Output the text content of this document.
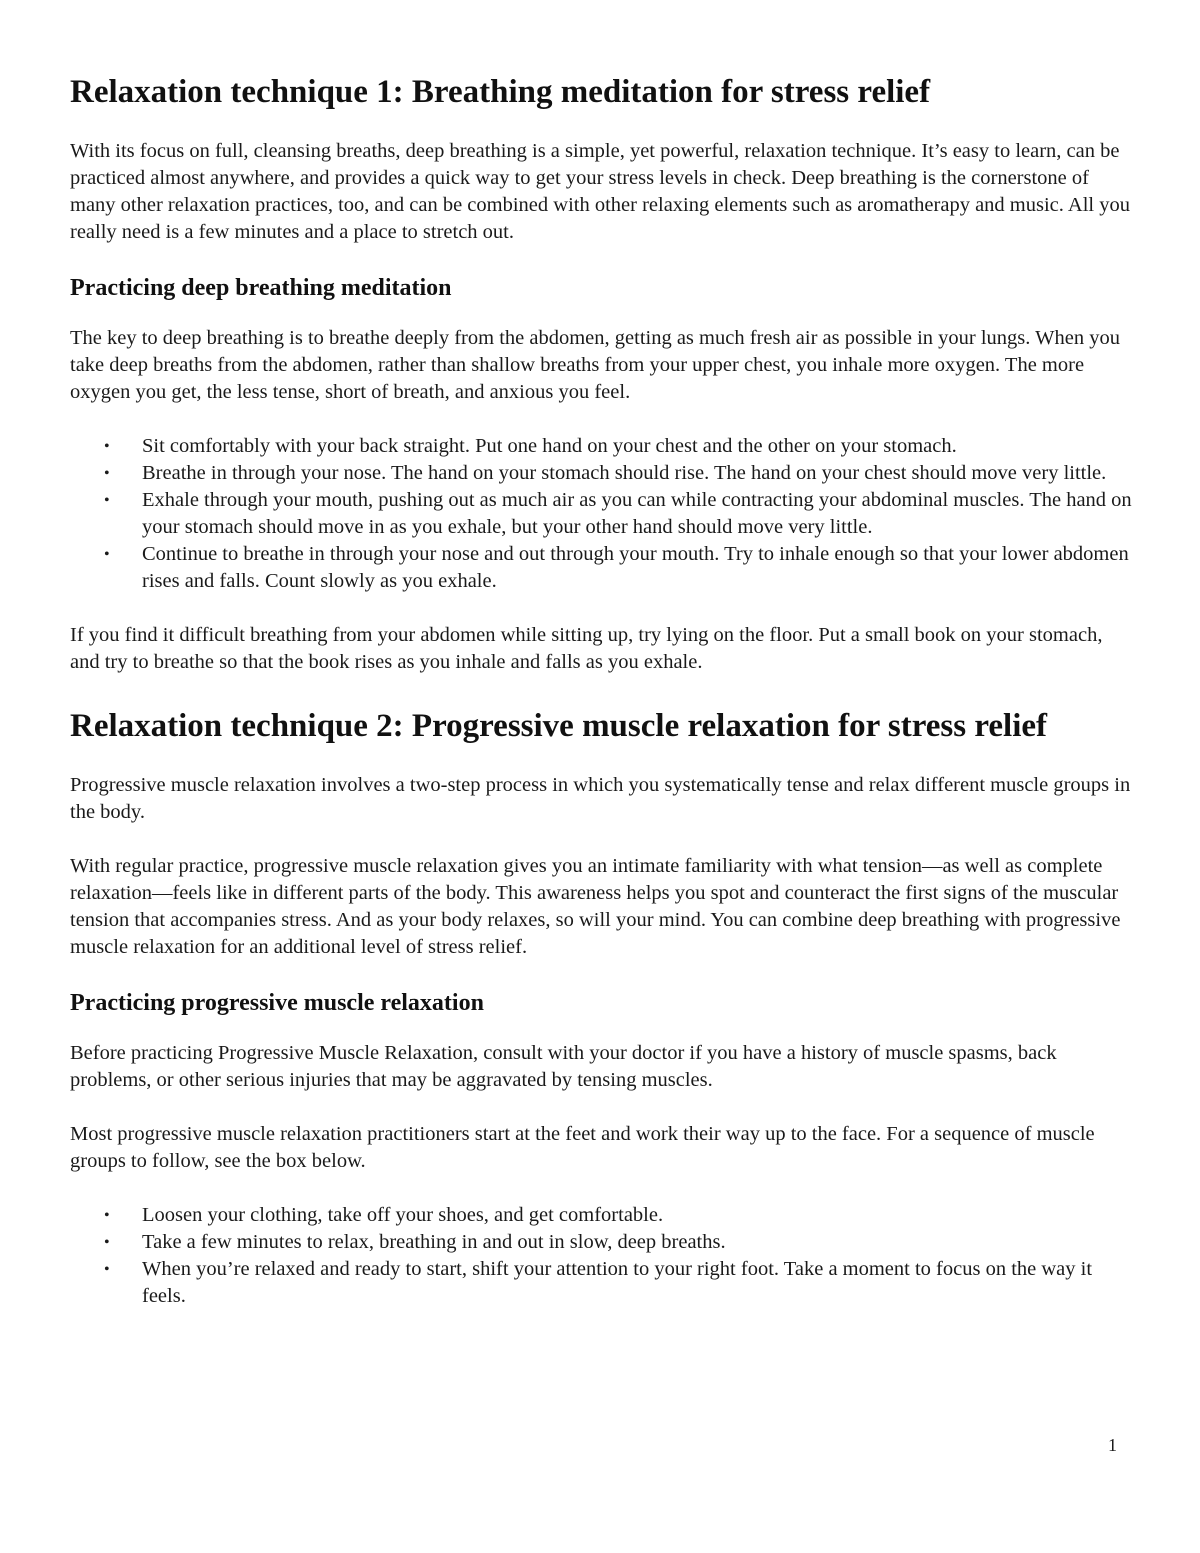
Relaxation technique 1: Breathing meditation for stress relief

With its focus on full, cleansing breaths, deep breathing is a simple, yet powerful, relaxation technique. It’s easy to learn, can be practiced almost anywhere, and provides a quick way to get your stress levels in check. Deep breathing is the cornerstone of many other relaxation practices, too, and can be combined with other relaxing elements such as aromatherapy and music. All you really need is a few minutes and a place to stretch out.

Practicing deep breathing meditation

The key to deep breathing is to breathe deeply from the abdomen, getting as much fresh air as possible in your lungs. When you take deep breaths from the abdomen, rather than shallow breaths from your upper chest, you inhale more oxygen. The more oxygen you get, the less tense, short of breath, and anxious you feel.

• Sit comfortably with your back straight. Put one hand on your chest and the other on your stomach.
• Breathe in through your nose. The hand on your stomach should rise. The hand on your chest should move very little.
• Exhale through your mouth, pushing out as much air as you can while contracting your abdominal muscles. The hand on your stomach should move in as you exhale, but your other hand should move very little.
• Continue to breathe in through your nose and out through your mouth. Try to inhale enough so that your lower abdomen rises and falls. Count slowly as you exhale.

If you find it difficult breathing from your abdomen while sitting up, try lying on the floor. Put a small book on your stomach, and try to breathe so that the book rises as you inhale and falls as you exhale.

Relaxation technique 2: Progressive muscle relaxation for stress relief

Progressive muscle relaxation involves a two-step process in which you systematically tense and relax different muscle groups in the body.

With regular practice, progressive muscle relaxation gives you an intimate familiarity with what tension—as well as complete relaxation—feels like in different parts of the body. This awareness helps you spot and counteract the first signs of the muscular tension that accompanies stress. And as your body relaxes, so will your mind. You can combine deep breathing with progressive muscle relaxation for an additional level of stress relief.

Practicing progressive muscle relaxation

Before practicing Progressive Muscle Relaxation, consult with your doctor if you have a history of muscle spasms, back problems, or other serious injuries that may be aggravated by tensing muscles.

Most progressive muscle relaxation practitioners start at the feet and work their way up to the face. For a sequence of muscle groups to follow, see the box below.

• Loosen your clothing, take off your shoes, and get comfortable.
• Take a few minutes to relax, breathing in and out in slow, deep breaths.
• When you’re relaxed and ready to start, shift your attention to your right foot. Take a moment to focus on the way it feels.
1
